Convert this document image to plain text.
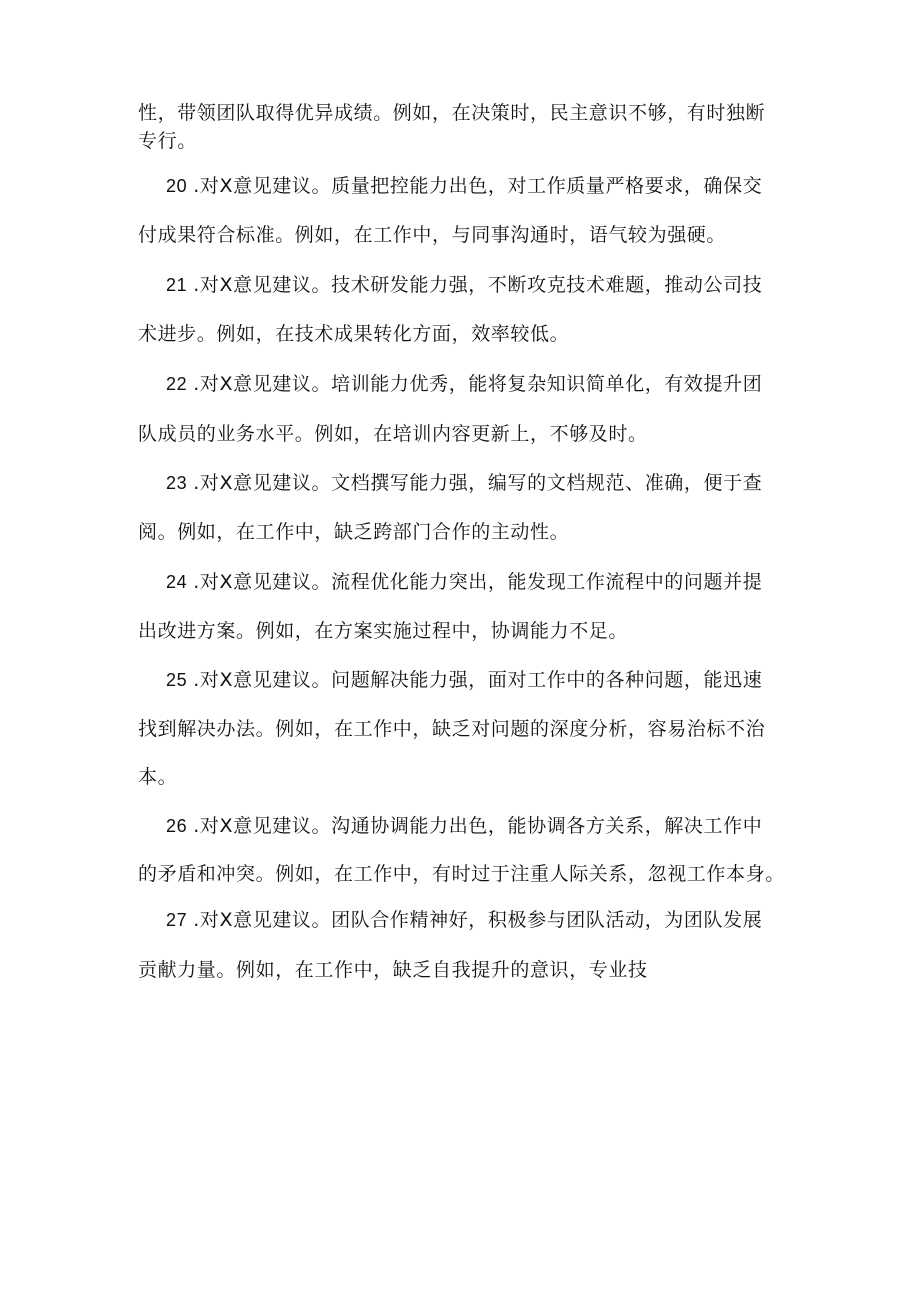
性，带领团队取得优异成绩。例如，在决策时，民主意识不够，有时独断
专行。
20 .对X意见建议。质量把控能力出色，对工作质量严格要求，确保交
付成果符合标准。例如，在工作中，与同事沟通时，语气较为强硬。
21 .对X意见建议。技术研发能力强，不断攻克技术难题，推动公司技
术进步。例如，在技术成果转化方面，效率较低。
22 .对X意见建议。培训能力优秀，能将复杂知识简单化，有效提升团
队成员的业务水平。例如，在培训内容更新上，不够及时。
23 .对X意见建议。文档撰写能力强，编写的文档规范、准确，便于查
阅。例如，在工作中，缺乏跨部门合作的主动性。
24 .对X意见建议。流程优化能力突出，能发现工作流程中的问题并提
出改进方案。例如，在方案实施过程中，协调能力不足。
25 .对X意见建议。问题解决能力强，面对工作中的各种问题，能迅速
找到解决办法。例如，在工作中，缺乏对问题的深度分析，容易治标不治
本。
26 .对X意见建议。沟通协调能力出色，能协调各方关系，解决工作中
的矛盾和冲突。例如，在工作中，有时过于注重人际关系，忽视工作本身。
27 .对X意见建议。团队合作精神好，积极参与团队活动，为团队发展
贡献力量。例如，在工作中，缺乏自我提升的意识，专业技
